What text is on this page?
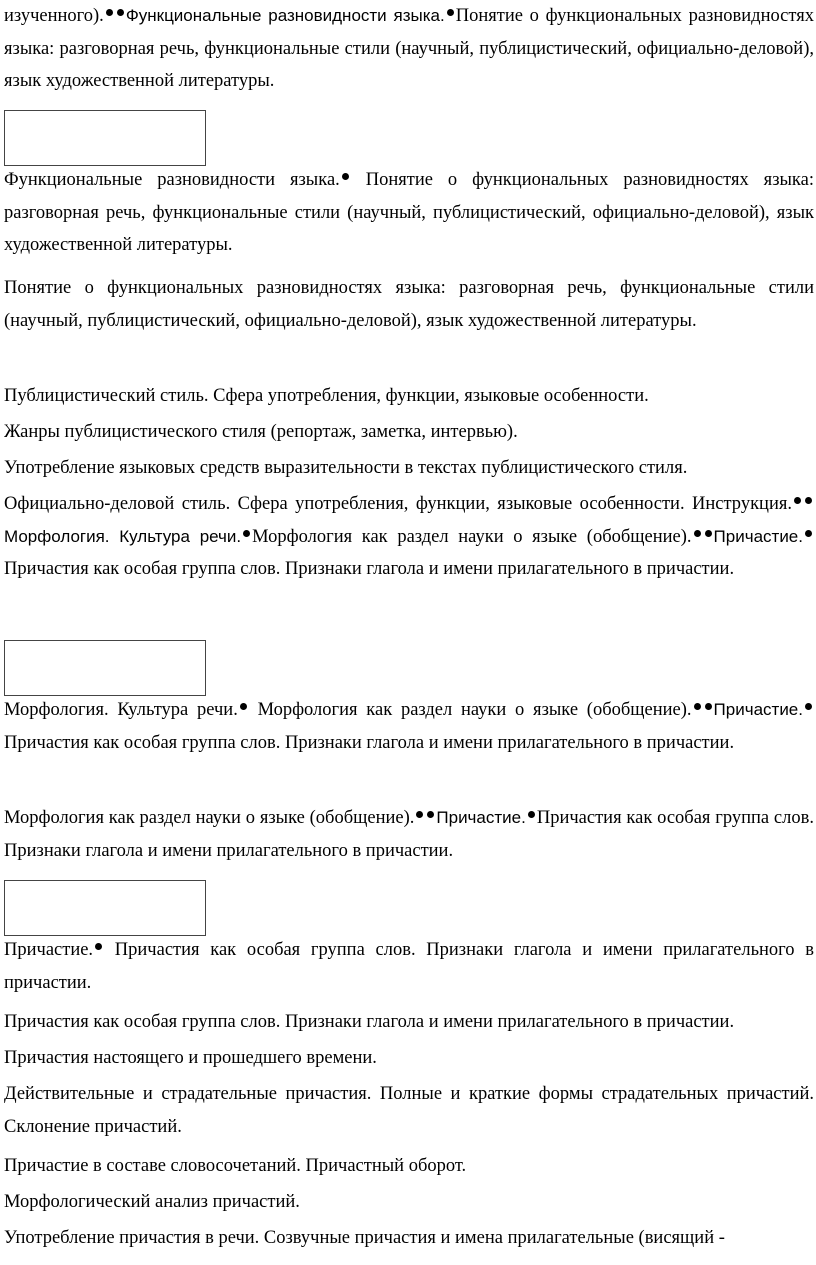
изученного). Функциональные разновидности языка. Понятие о функциональных разновидностях языка: разговорная речь, функциональные стили (научный, публицистический, официально-деловой), язык художественной литературы.

Функциональные разновидности языка. Понятие о функциональных разновидностях языка: разговорная речь, функциональные стили (научный, публицистический, официально-деловой), язык художественной литературы.

Понятие о функциональных разновидностях языка: разговорная речь, функциональные стили (научный, публицистический, официально-деловой), язык художественной литературы.

Публицистический стиль. Сфера употребления, функции, языковые особенности.

Жанры публицистического стиля (репортаж, заметка, интервью).

Употребление языковых средств выразительности в текстах публицистического стиля.

Официально-деловой стиль. Сфера употребления, функции, языковые особенности. Инструкция.Морфология. Культура речи. Морфология как раздел науки о языке (обобщение). Причастие.Причастия как особая группа слов. Признаки глагола и имени прилагательного в причастии.

Морфология. Культура речи. Морфология как раздел науки о языке (обобщение). Причастие.Причастия как особая группа слов. Признаки глагола и имени прилагательного в причастии.

Морфология как раздел науки о языке (обобщение). Причастие. Причастия как особая группа слов. Признаки глагола и имени прилагательного в причастии.

Причастие. Причастия как особая группа слов. Признаки глагола и имени прилагательного в причастии.

Причастия как особая группа слов. Признаки глагола и имени прилагательного в причастии.

Причастия настоящего и прошедшего времени.

Действительные и страдательные причастия. Полные и краткие формы страдательных причастий. Склонение причастий.

Причастие в составе словосочетаний. Причастный оборот.

Морфологический анализ причастий.

Употребление причастия в речи. Созвучные причастия и имена прилагательные (висящий -
